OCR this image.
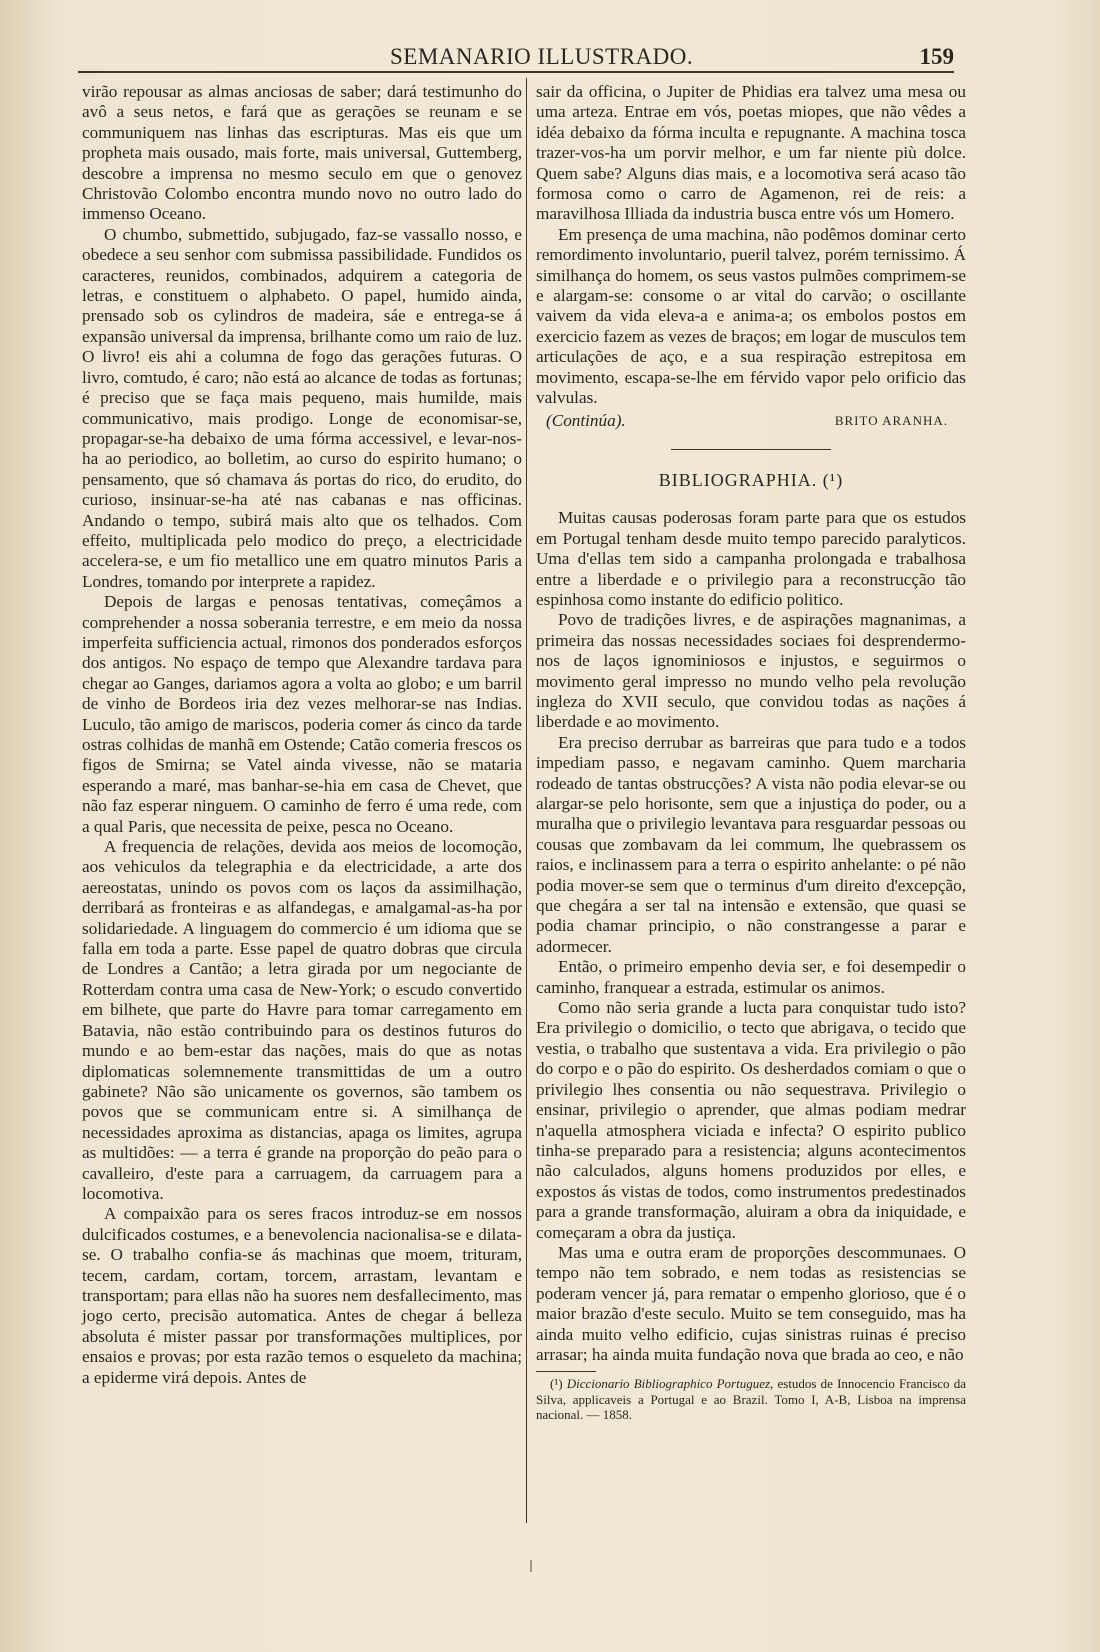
SEMANARIO ILLUSTRADO.	159

virão repousar as almas anciosas de saber; dará testimunho do avô a seus netos, e fará que as gerações se reunam e se communiquem nas linhas das escripturas. Mas eis que um propheta mais ousado, mais forte, mais universal, Guttemberg, descobre a imprensa no mesmo seculo em que o genovez Christovão Colombo encontra mundo novo no outro lado do immenso Oceano.

O chumbo, submettido, subjugado, faz-se vassallo nosso, e obedece a seu senhor com submissa passibilidade. Fundidos os caracteres, reunidos, combinados, adquirem a categoria de letras, e constituem o alphabeto. O papel, humido ainda, prensado sob os cylindros de madeira, sáe e entrega-se á expansão universal da imprensa, brilhante como um raio de luz. O livro! eis ahi a columna de fogo das gerações futuras. O livro, comtudo, é caro; não está ao alcance de todas as fortunas; é preciso que se faça mais pequeno, mais humilde, mais communicativo, mais prodigo. Longe de economisar-se, propagar-se-ha debaixo de uma fórma accessivel, e levar-nos-ha ao periodico, ao bolletim, ao curso do espirito humano; o pensamento, que só chamava ás portas do rico, do erudito, do curioso, insinuar-se-ha até nas cabanas e nas officinas. Andando o tempo, subirá mais alto que os telhados. Com effeito, multiplicada pelo modico do preço, a electricidade accelera-se, e um fio metallico une em quatro minutos Paris a Londres, tomando por interprete a rapidez.

Depois de largas e penosas tentativas, começâmos a comprehender a nossa soberania terrestre, e em meio da nossa imperfeita sufficiencia actual, rimonos dos ponderados esforços dos antigos. No espaço de tempo que Alexandre tardava para chegar ao Ganges, dariamos agora a volta ao globo; e um barril de vinho de Bordeos iria dez vezes melhorar-se nas Indias. Luculo, tão amigo de mariscos, poderia comer ás cinco da tarde ostras colhidas de manhã em Ostende; Catão comeria frescos os figos de Smirna; se Vatel ainda vivesse, não se mataria esperando a maré, mas banhar-se-hia em casa de Chevet, que não faz esperar ninguem. O caminho de ferro é uma rede, com a qual Paris, que necessita de peixe, pesca no Oceano.

A frequencia de relações, devida aos meios de locomoção, aos vehiculos da telegraphia e da electricidade, a arte dos aereostatas, unindo os povos com os laços da assimilhação, derribará as fronteiras e as alfandegas, e amalgamal-as-ha por solidariedade. A linguagem do commercio é um idioma que se falla em toda a parte. Esse papel de quatro dobras que circula de Londres a Cantão; a letra girada por um negociante de Rotterdam contra uma casa de New-York; o escudo convertido em bilhete, que parte do Havre para tomar carregamento em Batavia, não estão contribuindo para os destinos futuros do mundo e ao bem-estar das nações, mais do que as notas diplomaticas solemnemente transmittidas de um a outro gabinete? Não são unicamente os governos, são tambem os povos que se communicam entre si. A similhança de necessidades aproxima as distancias, apaga os limites, agrupa as multidões: — a terra é grande na proporção do peão para o cavalleiro, d'este para a carruagem, da carruagem para a locomotiva.

A compaixão para os seres fracos introduz-se em nossos dulcificados costumes, e a benevolencia nacionalisa-se e dilata-se. O trabalho confia-se ás machinas que moem, trituram, tecem, cardam, cortam, torcem, arrastam, levantam e transportam; para ellas não ha suores nem desfallecimento, mas jogo certo, precisão automatica. Antes de chegar á belleza absoluta é mister passar por transformações multiplices, por ensaios e provas; por esta razão temos o esqueleto da machina; a epiderme virá depois. Antes de

sair da officina, o Jupiter de Phidias era talvez uma mesa ou uma arteza. Entrae em vós, poetas miopes, que não vêdes a idéa debaixo da fórma inculta e repugnante. A machina tosca trazer-vos-ha um porvir melhor, e um far niente più dolce. Quem sabe? Alguns dias mais, e a locomotiva será acaso tão formosa como o carro de Agamenon, rei de reis: a maravilhosa Illiada da industria busca entre vós um Homero.

Em presença de uma machina, não podêmos dominar certo remordimento involuntario, pueril talvez, porém ternissimo. Á similhança do homem, os seus vastos pulmões comprimem-se e alargam-se: consome o ar vital do carvão; o oscillante vaivem da vida eleva-a e anima-a; os embolos postos em exercicio fazem as vezes de braços; em logar de musculos tem articulações de aço, e a sua respiração estrepitosa em movimento, escapa-se-lhe em férvido vapor pelo orificio das valvulas.

(Continúa).	BRITO ARANHA.
BIBLIOGRAPHIA. (¹)

Muitas causas poderosas foram parte para que os estudos em Portugal tenham desde muito tempo parecido paralyticos. Uma d'ellas tem sido a campanha prolongada e trabalhosa entre a liberdade e o privilegio para a reconstrucção tão espinhosa como instante do edificio politico.

Povo de tradições livres, e de aspirações magnanimas, a primeira das nossas necessidades sociaes foi desprendermo-nos de laços ignominiosos e injustos, e seguirmos o movimento geral impresso no mundo velho pela revolução ingleza do XVII seculo, que convidou todas as nações á liberdade e ao movimento.

Era preciso derrubar as barreiras que para tudo e a todos impediam passo, e negavam caminho. Quem marcharia rodeado de tantas obstrucções? A vista não podia elevar-se ou alargar-se pelo horisonte, sem que a injustiça do poder, ou a muralha que o privilegio levantava para resguardar pessoas ou cousas que zombavam da lei commum, lhe quebrassem os raios, e inclinassem para a terra o espirito anhelante: o pé não podia mover-se sem que o terminus d'um direito d'excepção, que chegára a ser tal na intensão e extensão, que quasi se podia chamar principio, o não constrangesse a parar e adormecer.

Então, o primeiro empenho devia ser, e foi desempedir o caminho, franquear a estrada, estimular os animos.

Como não seria grande a lucta para conquistar tudo isto? Era privilegio o domicilio, o tecto que abrigava, o tecido que vestia, o trabalho que sustentava a vida. Era privilegio o pão do corpo e o pão do espirito. Os desherdados comiam o que o privilegio lhes consentia ou não sequestrava. Privilegio o ensinar, privilegio o aprender, que almas podiam medrar n'aquella atmosphera viciada e infecta? O espirito publico tinha-se preparado para a resistencia; alguns acontecimentos não calculados, alguns homens produzidos por elles, e expostos ás vistas de todos, como instrumentos predestinados para a grande transformação, aluiram a obra da iniquidade, e começaram a obra da justiça.

Mas uma e outra eram de proporções descommunaes. O tempo não tem sobrado, e nem todas as resistencias se poderam vencer já, para rematar o empenho glorioso, que é o maior brazão d'este seculo. Muito se tem conseguido, mas ha ainda muito velho edificio, cujas sinistras ruinas é preciso arrasar; ha ainda muita fundação nova que brada ao ceo, e não

(¹) Diccionario Bibliographico Portuguez, estudos de Innocencio Francisco da Silva, applicaveis a Portugal e ao Brazil. Tomo I, A-B, Lisboa na imprensa nacional. — 1858.
